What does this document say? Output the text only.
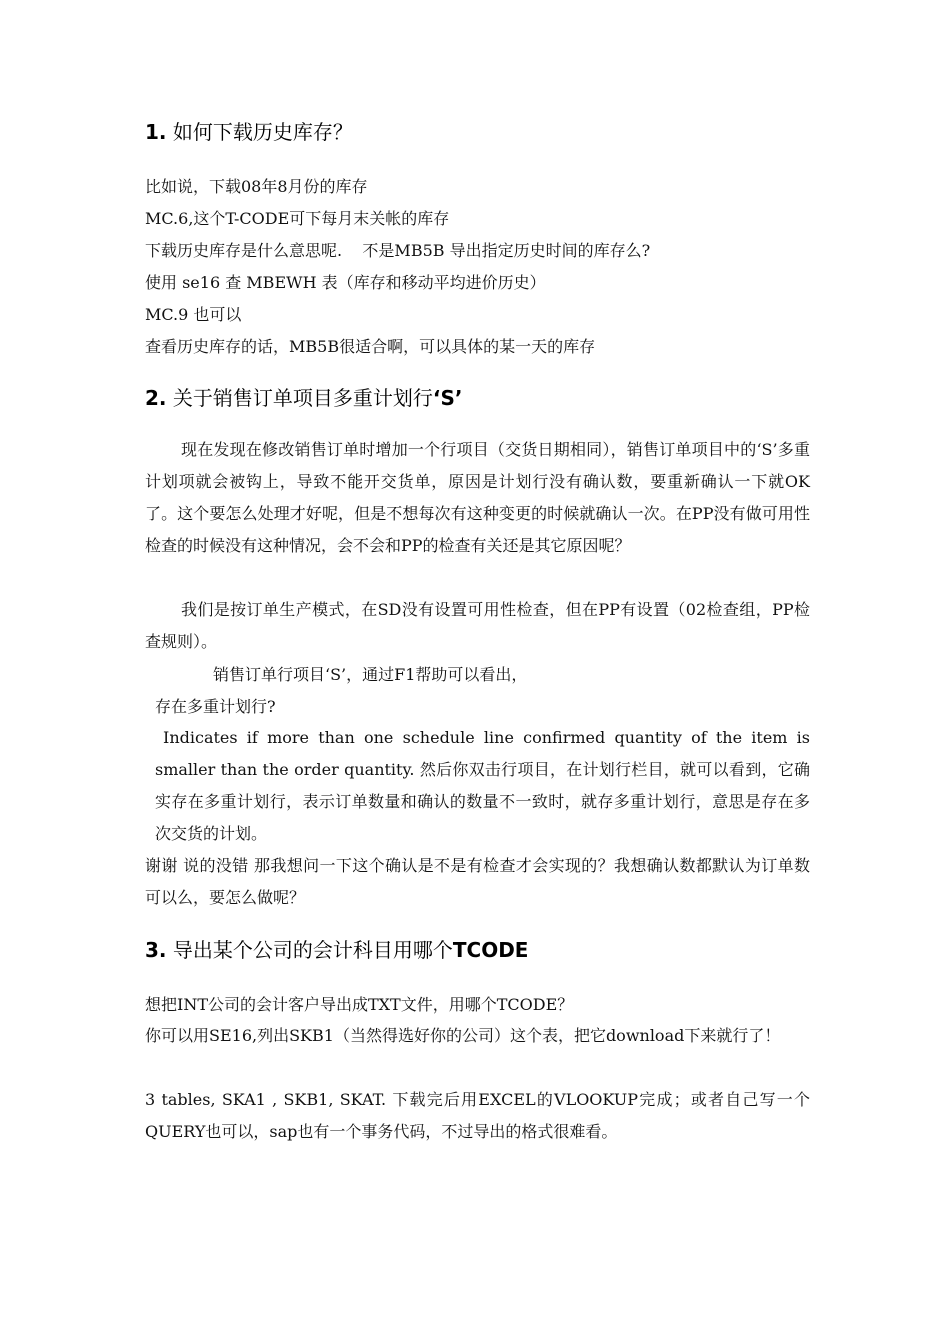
1. 如何下载历史库存？
比如说，下载08年8月份的库存
MC.6,这个T-CODE可下每月末关帐的库存
下载历史库存是什么意思呢.    不是MB5B 导出指定历史时间的库存么?
使用 se16 查 MBEWH 表（库存和移动平均进价历史）
MC.9 也可以
查看历史库存的话，MB5B很适合啊，可以具体的某一天的库存
2. 关于销售订单项目多重计划行‘S’
现在发现在修改销售订单时增加一个行项目（交货日期相同），销售订单项目中的‘S’多重计划项就会被钩上，导致不能开交货单，原因是计划行没有确认数，要重新确认一下就OK了。这个要怎么处理才好呢，但是不想每次有这种变更的时候就确认一次。在PP没有做可用性检查的时候没有这种情况，会不会和PP的检查有关还是其它原因呢？
我们是按订单生产模式，在SD没有设置可用性检查，但在PP有设置（02检查组，PP检查规则）。
销售订单行项目‘S’，通过F1帮助可以看出，
存在多重计划行?
Indicates if more than one schedule line confirmed quantity of the item is smaller than the order quantity. 然后你双击行项目，在计划行栏目，就可以看到，它确实存在多重计划行，表示订单数量和确认的数量不一致时，就存多重计划行，意思是存在多次交货的计划。
谢谢 说的没错 那我想问一下这个确认是不是有检查才会实现的？我想确认数都默认为订单数可以么，要怎么做呢？
3. 导出某个公司的会计科目用哪个TCODE
想把INT公司的会计客户导出成TXT文件，用哪个TCODE？
你可以用SE16,列出SKB1（当然得选好你的公司）这个表，把它download下来就行了！
3 tables, SKA1 , SKB1, SKAT. 下载完后用EXCEL的VLOOKUP完成；或者自己写一个QUERY也可以，sap也有一个事务代码，不过导出的格式很难看。
